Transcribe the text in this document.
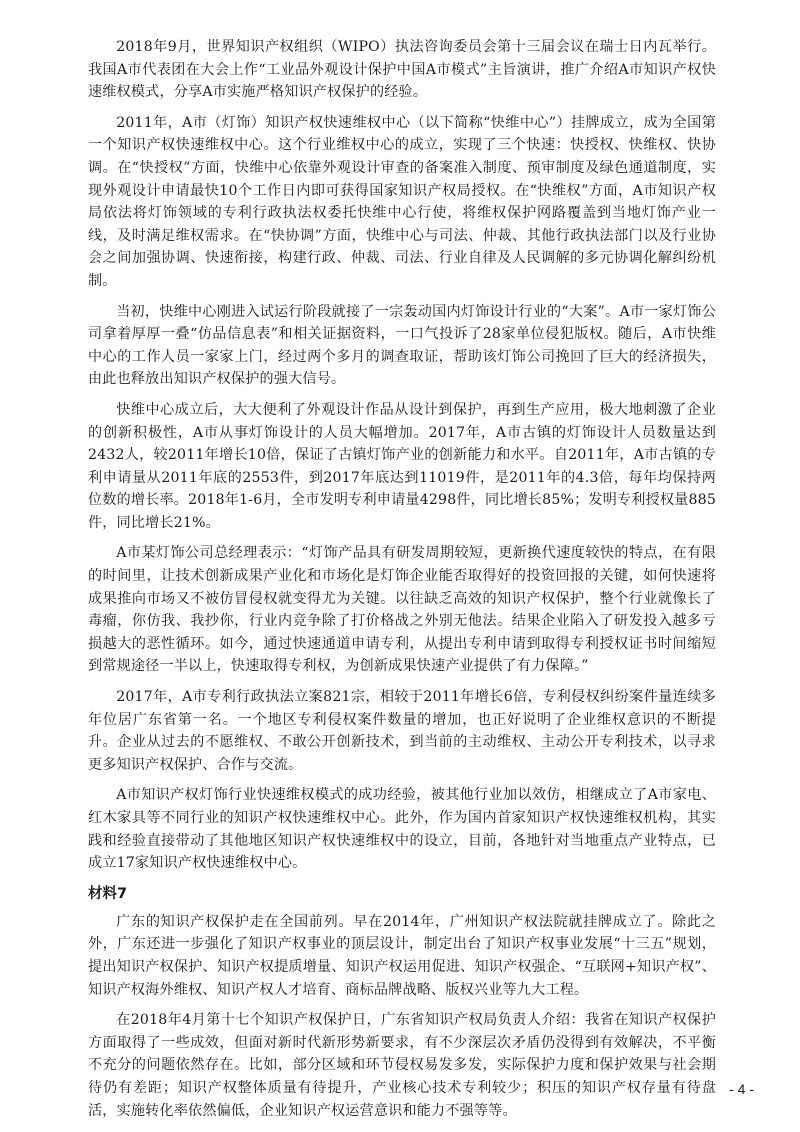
2018年9月，世界知识产权组织（WIPO）执法咨询委员会第十三届会议在瑞士日内瓦举行。我国A市代表团在大会上作“工业品外观设计保护中国A市模式”主旨演讲，推广介绍A市知识产权快速维权模式，分享A市实施严格知识产权保护的经验。

2011年，A市（灯饰）知识产权快速维权中心（以下简称“快维中心”）挂牌成立，成为全国第一个知识产权快速维权中心。这个行业维权中心的成立，实现了三个快速：快授权、快维权、快协调。在“快授权”方面，快维中心依靠外观设计审查的备案准入制度、预审制度及绿色通道制度，实现外观设计申请最快10个工作日内即可获得国家知识产权局授权。在“快维权”方面，A市知识产权局依法将灯饰领域的专利行政执法权委托快维中心行使，将维权保护网路覆盖到当地灯饰产业一线，及时满足维权需求。在“快协调”方面，快维中心与司法、仲裁、其他行政执法部门以及行业协会之间加强协调、快速衔接，构建行政、仲裁、司法、行业自律及人民调解的多元协调化解纠纷机制。

当初，快维中心刚进入试运行阶段就接了一宗轰动国内灯饰设计行业的“大案”。A市一家灯饰公司拿着厚厚一叠“仿品信息表”和相关证据资料，一口气投诉了28家单位侵犯版权。随后，A市快维中心的工作人员一家家上门，经过两个多月的调查取证，帮助该灯饰公司挽回了巨大的经济损失，由此也释放出知识产权保护的强大信号。

快维中心成立后，大大便利了外观设计作品从设计到保护，再到生产应用，极大地刺激了企业的创新积极性，A市从事灯饰设计的人员大幅增加。2017年，A市古镇的灯饰设计人员数量达到2432人，较2011年增长10倍，保证了古镇灯饰产业的创新能力和水平。自2011年，A市古镇的专利申请量从2011年底的2553件，到2017年底达到11019件，是2011年的4.3倍，每年均保持两位数的增长率。2018年1-6月，全市发明专利申请量4298件，同比增长85%；发明专利授权量885件，同比增长21%。

A市某灯饰公司总经理表示：“灯饰产品具有研发周期较短，更新换代速度较快的特点，在有限的时间里，让技术创新成果产业化和市场化是灯饰企业能否取得好的投资回报的关键，如何快速将成果推向市场又不被仿冒侵权就变得尤为关键。以往缺乏高效的知识产权保护，整个行业就像长了毒瘤，你仿我、我抄你，行业内竞争除了打价格战之外别无他法。结果企业陷入了研发投入越多亏损越大的恶性循环。如今，通过快速通道申请专利，从提出专利申请到取得专利授权证书时间缩短到常规途径一半以上，快速取得专利权，为创新成果快速产业提供了有力保障。”

2017年，A市专利行政执法立案821宗，相较于2011年增长6倍，专利侵权纠纷案件量连续多年位居广东省第一名。一个地区专利侵权案件数量的增加，也正好说明了企业维权意识的不断提升。企业从过去的不愿维权、不敢公开创新技术，到当前的主动维权、主动公开专利技术，以寻求更多知识产权保护、合作与交流。

A市知识产权灯饰行业快速维权模式的成功经验，被其他行业加以效仿，相继成立了A市家电、红木家具等不同行业的知识产权快速维权中心。此外，作为国内首家知识产权快速维权机构，其实践和经验直接带动了其他地区知识产权快速维权中的设立，目前，各地针对当地重点产业特点，已成立17家知识产权快速维权中心。

材料7

广东的知识产权保护走在全国前列。早在2014年，广州知识产权法院就挂牌成立了。除此之外，广东还进一步强化了知识产权事业的顶层设计，制定出台了知识产权事业发展“十三五”规划，提出知识产权保护、知识产权提质增量、知识产权运用促进、知识产权强企、“互联网+知识产权”、知识产权海外维权、知识产权人才培育、商标品牌战略、版权兴业等九大工程。

在2018年4月第十七个知识产权保护日，广东省知识产权局负责人介绍：我省在知识产权保护方面取得了一些成效，但面对新时代新形势新要求，有不少深层次矛盾仍没得到有效解决，不平衡不充分的问题依然存在。比如，部分区域和环节侵权易发多发，实际保护力度和保护效果与社会期待仍有差距；知识产权整体质量有待提升，产业核心技术专利较少；积压的知识产权存量有待盘活，实施转化率依然偏低，企业知识产权运营意识和能力不强等等。

- 4 -
